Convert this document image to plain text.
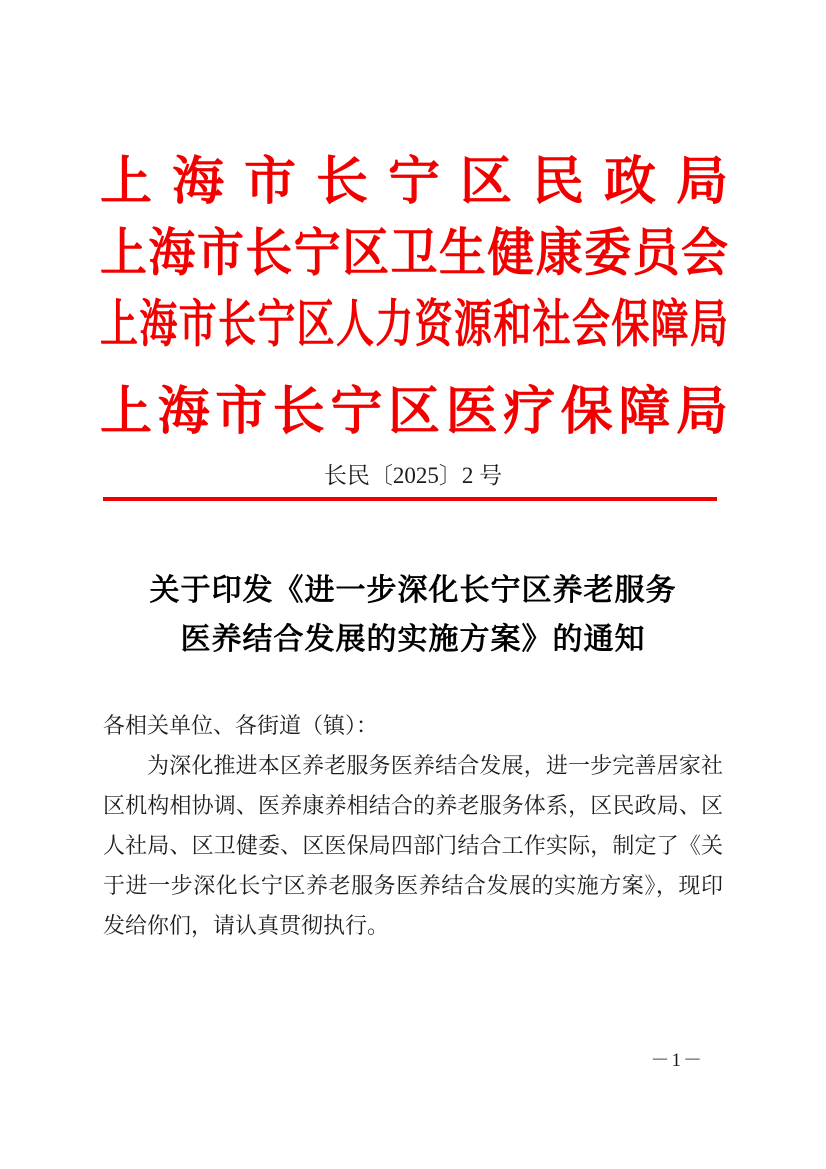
上海市长宁区民政局
上海市长宁区卫生健康委员会
上海市长宁区人力资源和社会保障局
上海市长宁区医疗保障局
长民〔2025〕2 号
关于印发《进一步深化长宁区养老服务
医养结合发展的实施方案》的通知
各相关单位、各街道（镇）：
为深化推进本区养老服务医养结合发展，进一步完善居家社
区机构相协调、医养康养相结合的养老服务体系，区民政局、区
人社局、区卫健委、区医保局四部门结合工作实际，制定了《关
于进一步深化长宁区养老服务医养结合发展的实施方案》，现印
发给你们，请认真贯彻执行。
－1－
